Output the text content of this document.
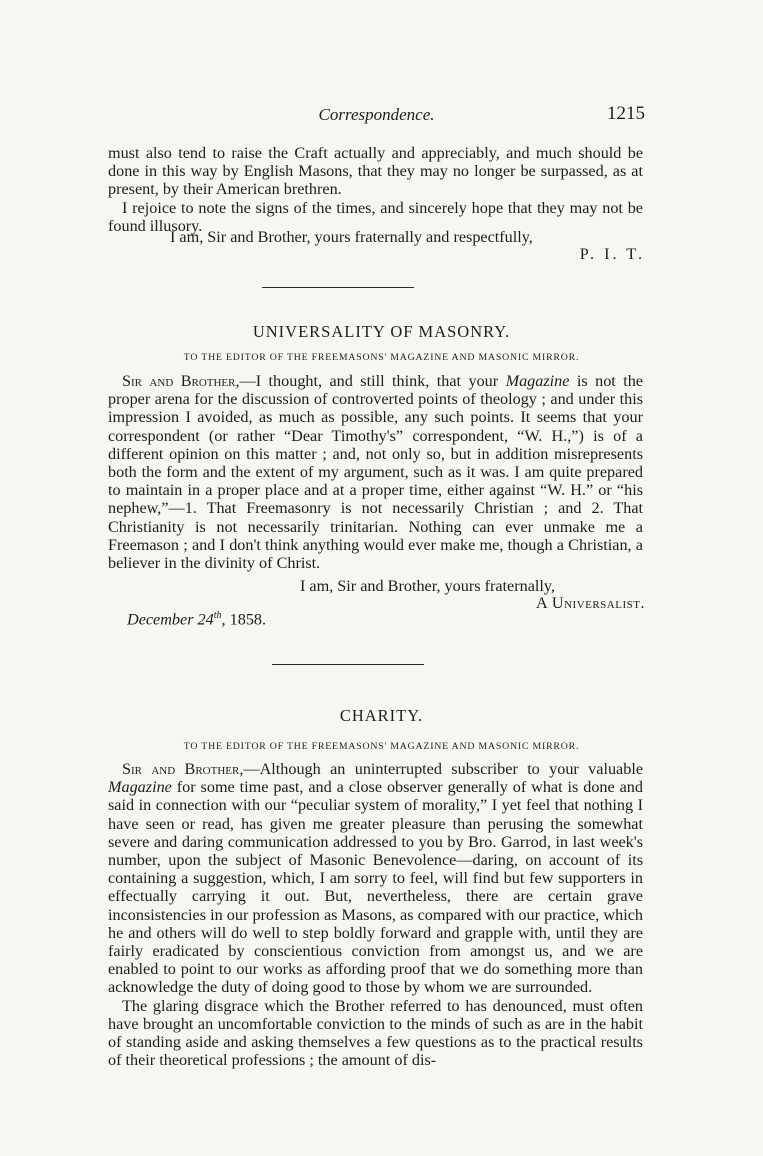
Correspondence.	1215

must also tend to raise the Craft actually and appreciably, and much should be done in this way by English Masons, that they may no longer be surpassed, as at present, by their American brethren.

I rejoice to note the signs of the times, and sincerely hope that they may not be found illusory.

I am, Sir and Brother, yours fraternally and respectfully,
P. I. T.
UNIVERSALITY OF MASONRY.
TO THE EDITOR OF THE FREEMASONS' MAGAZINE AND MASONIC MIRROR.

Sir and Brother,—I thought, and still think, that your Magazine is not the proper arena for the discussion of controverted points of theology ; and under this impression I avoided, as much as possible, any such points. It seems that your correspondent (or rather “Dear Timothy's” correspondent, “W. H.,”) is of a different opinion on this matter ; and, not only so, but in addition misrepresents both the form and the extent of my argument, such as it was. I am quite prepared to maintain in a proper place and at a proper time, either against “W. H.” or “his nephew,”—1. That Freemasonry is not necessarily Christian ; and 2. That Christianity is not necessarily trinitarian. Nothing can ever unmake me a Freemason ; and I don't think anything would ever make me, though a Christian, a believer in the divinity of Christ.

I am, Sir and Brother, yours fraternally,
A Universalist.
December 24th, 1858.
CHARITY.
TO THE EDITOR OF THE FREEMASONS' MAGAZINE AND MASONIC MIRROR.

Sir and Brother,—Although an uninterrupted subscriber to your valuable Magazine for some time past, and a close observer generally of what is done and said in connection with our “peculiar system of morality,” I yet feel that nothing I have seen or read, has given me greater pleasure than perusing the somewhat severe and daring communication addressed to you by Bro. Garrod, in last week's number, upon the subject of Masonic Benevolence—daring, on account of its containing a suggestion, which, I am sorry to feel, will find but few supporters in effectually carrying it out. But, nevertheless, there are certain grave inconsistencies in our profession as Masons, as compared with our practice, which he and others will do well to step boldly forward and grapple with, until they are fairly eradicated by conscientious conviction from amongst us, and we are enabled to point to our works as affording proof that we do something more than acknowledge the duty of doing good to those by whom we are surrounded.

The glaring disgrace which the Brother referred to has denounced, must often have brought an uncomfortable conviction to the minds of such as are in the habit of standing aside and asking themselves a few questions as to the practical results of their theoretical professions ; the amount of dis-
